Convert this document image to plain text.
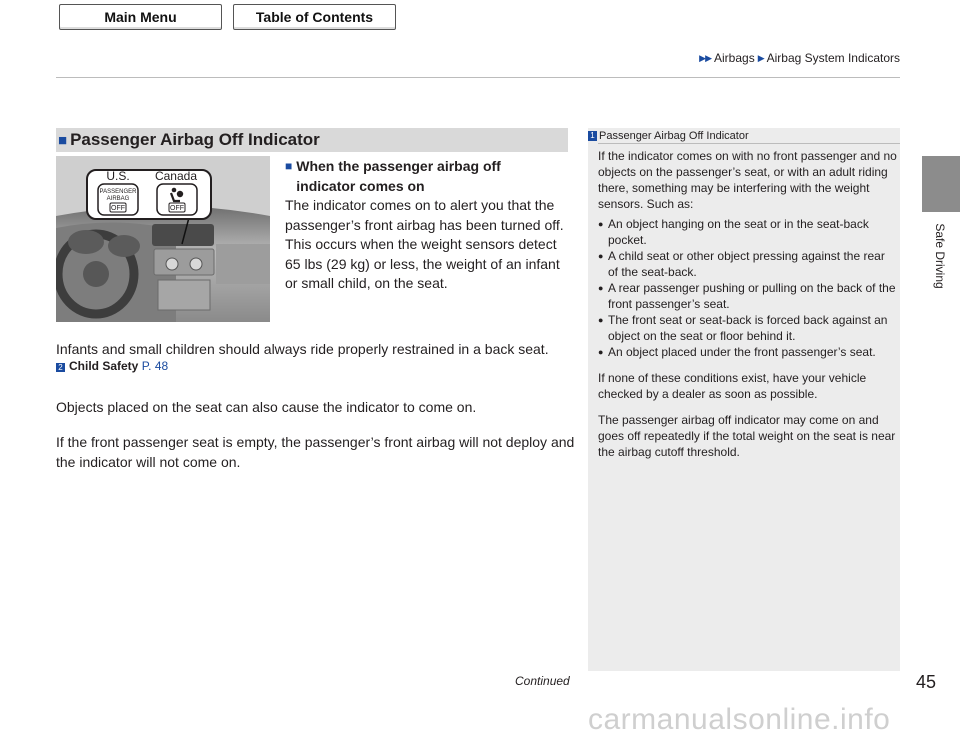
Main Menu	Table of Contents
▶▶ Airbags ▶ Airbag System Indicators
Safe Driving
■ Passenger Airbag Off Indicator
U.S. Canada
PASSENGER
AIRBAG
OFF	OFF
■ When the passenger airbag off
indicator comes on
The indicator comes on to alert you that the passenger’s front airbag has been turned off. This occurs when the weight sensors detect 65 lbs (29 kg) or less, the weight of an infant or small child, on the seat.
Infants and small children should always ride properly restrained in a back seat.
2 Child Safety P. 48
Objects placed on the seat can also cause the indicator to come on.
If the front passenger seat is empty, the passenger’s front airbag will not deploy and the indicator will not come on.
1 Passenger Airbag Off Indicator

If the indicator comes on with no front passenger and no objects on the passenger’s seat, or with an adult riding there, something may be interfering with the weight sensors. Such as:

● An object hanging on the seat or in the seat-back pocket.
● A child seat or other object pressing against the rear of the seat-back.
● A rear passenger pushing or pulling on the back of the front passenger’s seat.
● The front seat or seat-back is forced back against an object on the seat or floor behind it.
● An object placed under the front passenger’s seat.

If none of these conditions exist, have your vehicle checked by a dealer as soon as possible.

The passenger airbag off indicator may come on and goes off repeatedly if the total weight on the seat is near the airbag cutoff threshold.

Continued	45
carmanualsonline.info
